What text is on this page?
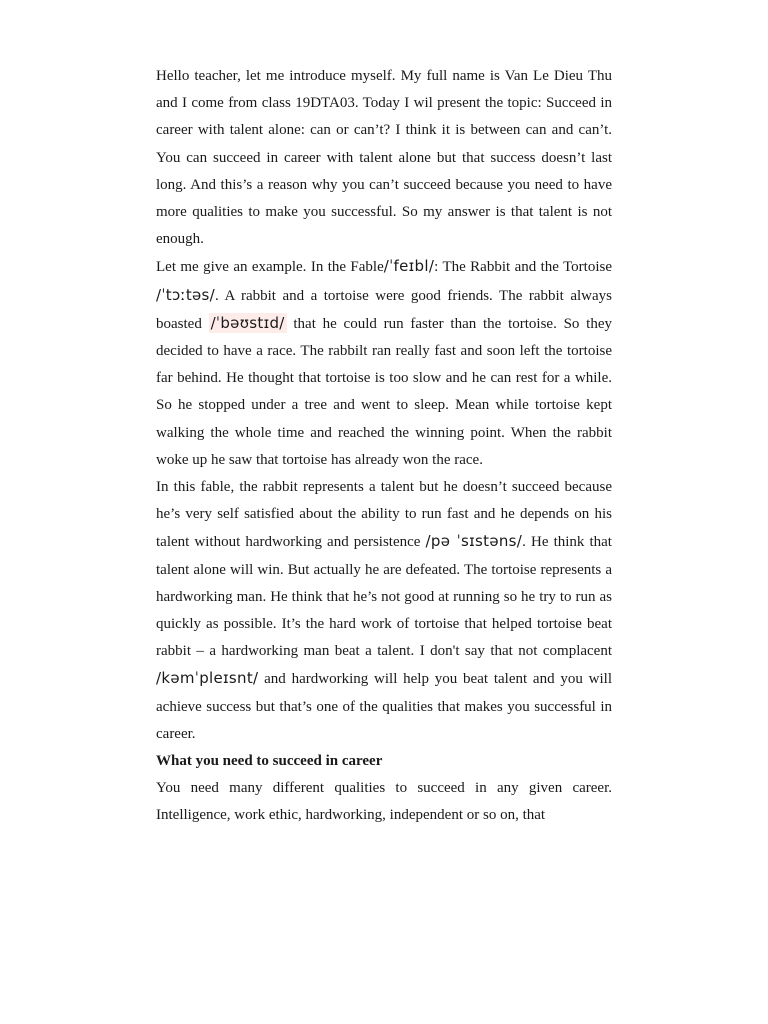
Hello teacher, let me introduce myself. My full name is Van Le Dieu Thu and I come from class 19DTA03. Today I wil present the topic: Succeed in career with talent alone: can or can’t? I think it is between can and can’t. You can succeed in career with talent alone but that success doesn’t last long. And this’s a reason why you can’t succeed because you need to have more qualities to make you successful. So my answer is that talent is not enough.

Let me give an example. In the Fable/ˈfeɪbl/: The Rabbit and the Tortoise /ˈtɔːtəs/. A rabbit and a tortoise were good friends. The rabbit always boasted /ˈbəʊstɪd/ that he could run faster than the tortoise. So they decided to have a race. The rabbilt ran really fast and soon left the tortoise far behind. He thought that tortoise is too slow and he can rest for a while. So he stopped under a tree and went to sleep. Mean while tortoise kept walking the whole time and reached the winning point. When the rabbit woke up he saw that tortoise has already won the race.

In this fable, the rabbit represents a talent but he doesn’t succeed because he’s very self satisfied about the ability to run fast and he depends on his talent without hardworking and persistence /pə ˈsɪstəns/. He think that talent alone will win. But actually he are defeated. The tortoise represents a hardworking man. He think that he’s not good at running so he try to run as quickly as possible. It’s the hard work of tortoise that helped tortoise beat rabbit – a hardworking man beat a talent. I don't say that not complacent /kəmˈpleɪsnt/ and hardworking will help you beat talent and you will achieve success but that’s one of the qualities that makes you successful in career.

What you need to succeed in career

You need many different qualities to succeed in any given career. Intelligence, work ethic, hardworking, independent or so on, that
